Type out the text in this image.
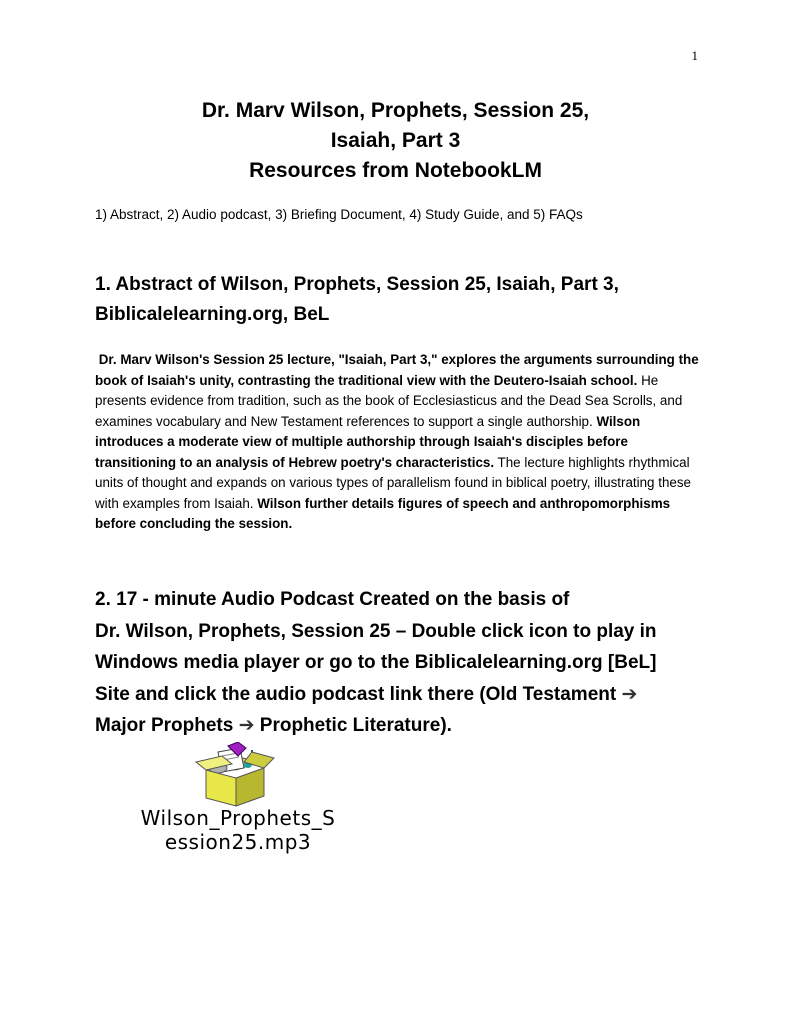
1
Dr. Marv Wilson, Prophets, Session 25,
Isaiah, Part 3
Resources from NotebookLM
1) Abstract, 2) Audio podcast, 3) Briefing Document, 4) Study Guide, and 5) FAQs
1. Abstract of Wilson, Prophets, Session 25, Isaiah, Part 3,
Biblicalelearning.org, BeL
Dr. Marv Wilson's Session 25 lecture, "Isaiah, Part 3," explores the arguments surrounding the book of Isaiah's unity, contrasting the traditional view with the Deutero-Isaiah school. He presents evidence from tradition, such as the book of Ecclesiasticus and the Dead Sea Scrolls, and examines vocabulary and New Testament references to support a single authorship. Wilson introduces a moderate view of multiple authorship through Isaiah's disciples before transitioning to an analysis of Hebrew poetry's characteristics. The lecture highlights rhythmical units of thought and expands on various types of parallelism found in biblical poetry, illustrating these with examples from Isaiah. Wilson further details figures of speech and anthropomorphisms before concluding the session.
2. 17 - minute Audio Podcast Created on the basis of
Dr. Wilson, Prophets, Session 25 – Double click icon to play in
Windows media player or go to the Biblicalelearning.org [BeL]
Site and click the audio podcast link there (Old Testament ➔
Major Prophets ➔ Prophetic Literature).
Wilson_Prophets_S
ession25.mp3
